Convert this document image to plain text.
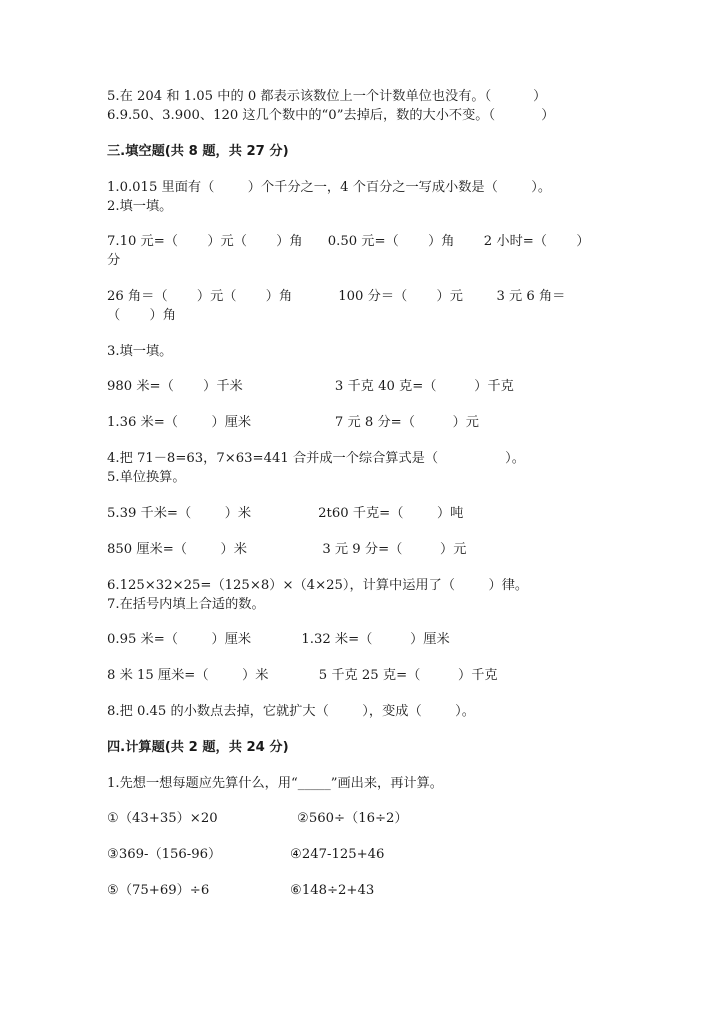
5.在 204 和 1.05 中的 0 都表示该数位上一个计数单位也没有。（          ）
6.9.50、3.900、120 这几个数中的“0”去掉后，数的大小不变。（           ）
三.填空题(共 8 题，共 27 分)
1.0.015 里面有（        ）个千分之一，4 个百分之一写成小数是（        ）。
2.填一填。
7.10 元=（       ）元（       ）角      0.50 元=（       ）角       2 小时=（       ）
分
26 角＝（       ）元（       ）角           100 分＝（       ）元        3 元 6 角＝
（       ）角
3.填一填。
980 米=（       ）千米                      3 千克 40 克=（         ）千克
1.36 米=（        ）厘米                    7 元 8 分=（         ）元
4.把 71－8=63，7×63=441 合并成一个综合算式是（                ）。
5.单位换算。
5.39 千米=（        ）米                2t60 千克=（        ）吨
850 厘米=（        ）米                  3 元 9 分=（         ）元
6.125×32×25=（125×8）×（4×25），计算中运用了（        ）律。
7.在括号内填上合适的数。
0.95 米=（        ）厘米            1.32 米=（         ）厘米
8 米 15 厘米=（        ）米            5 千克 25 克=（         ）千克
8.把 0.45 的小数点去掉，它就扩大（        ），变成（        ）。
四.计算题(共 2 题，共 24 分)
1.先想一想每题应先算什么，用“_____”画出来，再计算。
①（43+35）×20	②560÷（16÷2）
③369-（156-96）	④247-125+46
⑤（75+69）÷6	⑥148÷2+43
